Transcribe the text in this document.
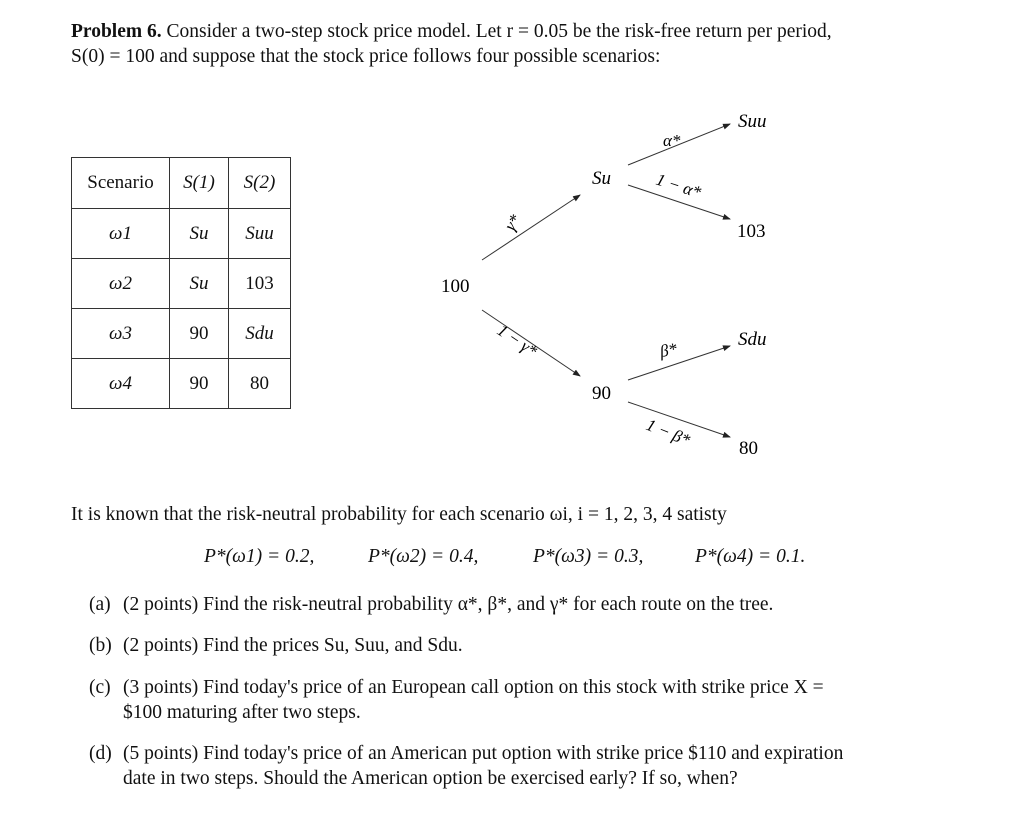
Problem 6. Consider a two-step stock price model. Let r = 0.05 be the risk-free return per period,
S(0) = 100 and suppose that the stock price follows four possible scenarios:
Scenario	S(1)	S(2)
ω1	Su	Suu
ω2	Su	103
ω3	90	Sdu
ω4	90	80
100
Su
90
Suu
103
Sdu
80
γ*
1 − γ*
α*
1 − α*
β*
1 − β*
It is known that the risk-neutral probability for each scenario ωi, i = 1, 2, 3, 4 satisty
P*(ω1) = 0.2,	P*(ω2) = 0.4,	P*(ω3) = 0.3,	P*(ω4) = 0.1.
(a) (2 points) Find the risk-neutral probability α*, β*, and γ* for each route on the tree.
(b) (2 points) Find the prices Su, Suu, and Sdu.
(c) (3 points) Find today's price of an European call option on this stock with strike price X =
$100 maturing after two steps.
(d) (5 points) Find today's price of an American put option with strike price $110 and expiration
date in two steps. Should the American option be exercised early? If so, when?
